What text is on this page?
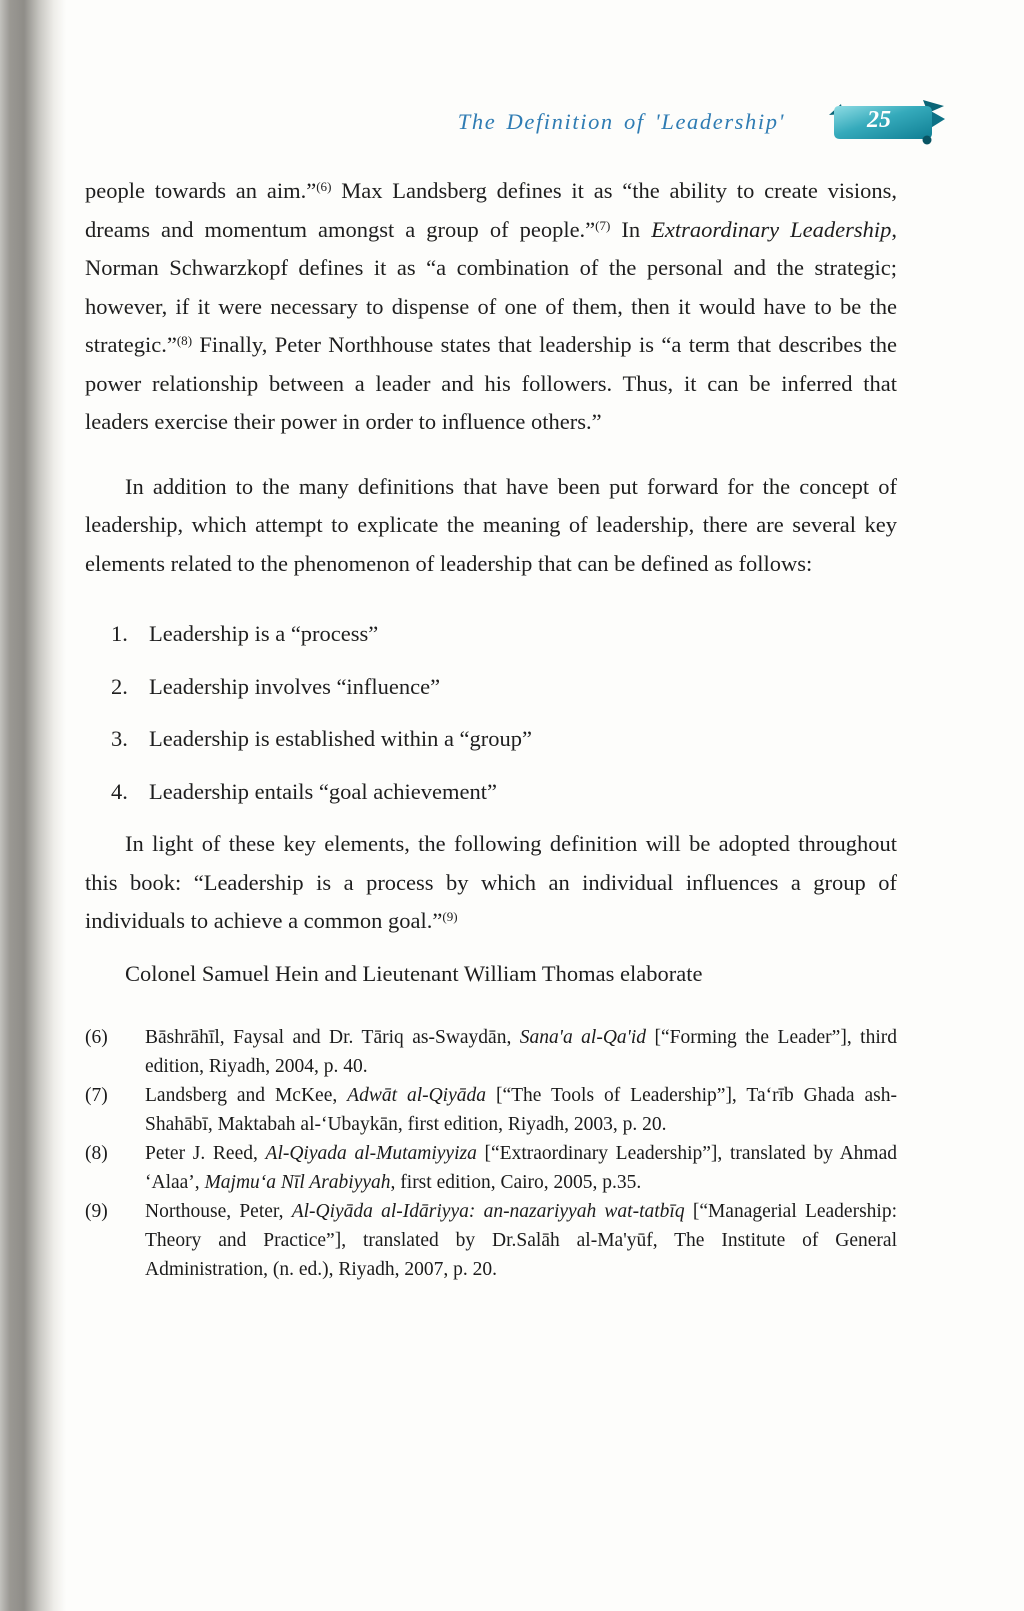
The Definition of 'Leadership'	25

people towards an aim.”$^{(6)}$ Max Landsberg defines it as “the ability to create visions, dreams and momentum amongst a group of people.”$^{(7)}$ In Extraordinary Leadership, Norman Schwarzkopf defines it as “a combination of the personal and the strategic; however, if it were necessary to dispense of one of them, then it would have to be the strategic.”$^{(8)}$ Finally, Peter Northhouse states that leadership is “a term that describes the power relationship between a leader and his followers. Thus, it can be inferred that leaders exercise their power in order to influence others.”

In addition to the many definitions that have been put forward for the concept of leadership, which attempt to explicate the meaning of leadership, there are several key elements related to the phenomenon of leadership that can be defined as follows:

1. Leadership is a “process”
2. Leadership involves “influence”
3. Leadership is established within a “group”
4. Leadership entails “goal achievement”

In light of these key elements, the following definition will be adopted throughout this book: “Leadership is a process by which an individual influences a group of individuals to achieve a common goal.”$^{(9)}$

Colonel Samuel Hein and Lieutenant William Thomas elaborate

(6)	Bāshrāhīl, Faysal and Dr. Tāriq as-Swaydān, Sana'a al-Qa'id [“Forming the Leader”], third edition, Riyadh, 2004, p. 40.
(7)	Landsberg and McKee, Adwāt al-Qiyāda [“The Tools of Leadership”], Ta‘rīb Ghada ash-Shahābī, Maktabah al-‘Ubaykān, first edition, Riyadh, 2003, p. 20.
(8)	Peter J. Reed, Al-Qiyada al-Mutamiyyiza [“Extraordinary Leadership”], translated by Ahmad ‘Alaa’, Majmu‘a Nīl Arabiyyah, first edition, Cairo, 2005, p.35.
(9)	Northouse, Peter, Al-Qiyāda al-Idāriyya: an-nazariyyah wat-tatbīq [“Managerial Leadership: Theory and Practice”], translated by Dr.Salāh al-Ma'yūf, The Institute of General Administration, (n. ed.), Riyadh, 2007, p. 20.
